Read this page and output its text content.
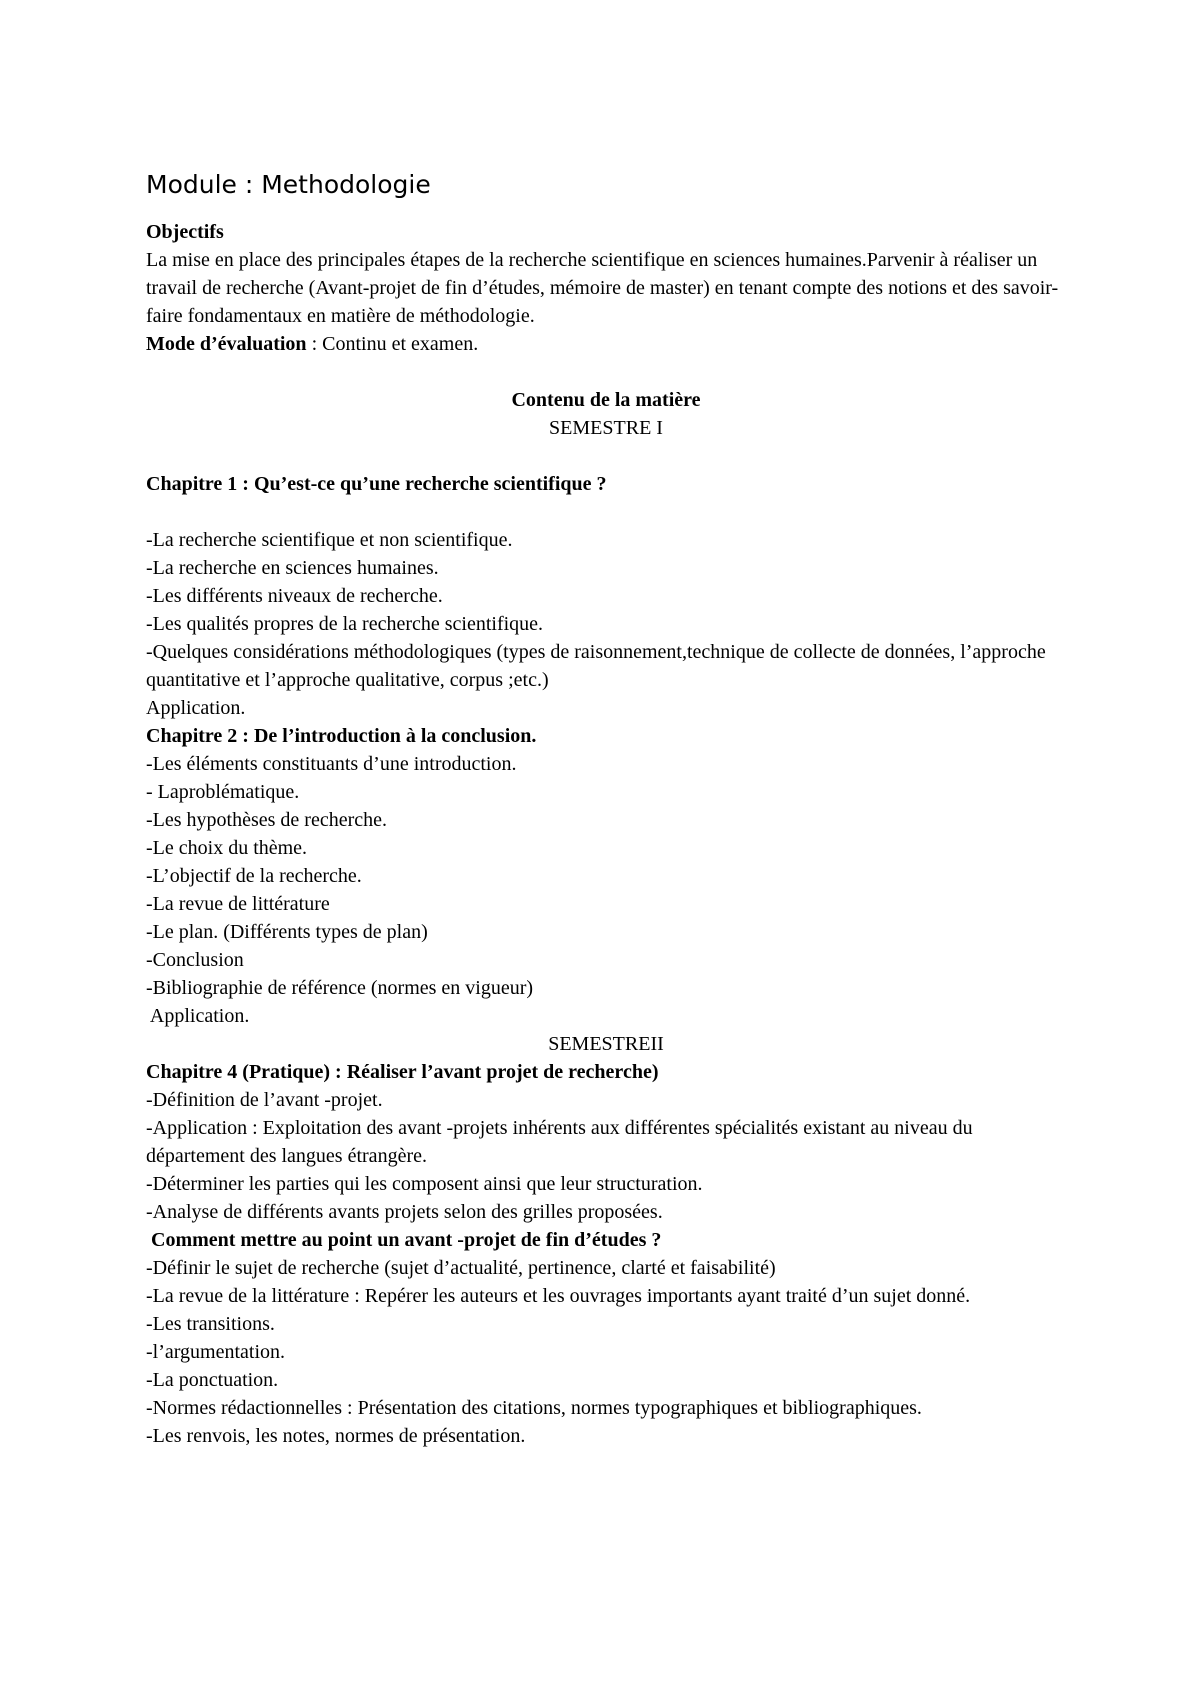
Module : Methodologie

Objectifs

La mise en place des principales étapes de la recherche scientifique en sciences humaines.Parvenir à réaliser un travail de recherche (Avant-projet de fin d’études, mémoire de master) en tenant compte des notions et des savoir-faire fondamentaux en matière de méthodologie.

Mode d’évaluation : Continu et examen.

Contenu de la matière

SEMESTRE I

Chapitre 1 : Qu’est-ce qu’une recherche scientifique ?

-La recherche scientifique et non scientifique.

-La recherche en sciences humaines.

-Les différents niveaux de recherche.

-Les qualités propres de la recherche scientifique.

-Quelques considérations méthodologiques (types de raisonnement,technique de collecte de données, l’approche quantitative et l’approche qualitative, corpus ;etc.)

Application.

Chapitre 2 : De l’introduction à la conclusion.

-Les éléments constituants d’une introduction.

- Laproblématique.

-Les hypothèses de recherche.

-Le choix du thème.

-L’objectif de la recherche.

-La revue de littérature

-Le plan. (Différents types de plan)

-Conclusion

-Bibliographie de référence (normes en vigueur)

Application.

SEMESTREII

Chapitre 4 (Pratique) : Réaliser l’avant projet de recherche)

-Définition de l’avant -projet.

-Application : Exploitation des avant -projets inhérents aux différentes spécialités existant au niveau du département des langues étrangère.

-Déterminer les parties qui les composent ainsi que leur structuration.

-Analyse de différents avants projets selon des grilles proposées.

Comment mettre au point un avant -projet de fin d’études ?

-Définir le sujet de recherche (sujet d’actualité, pertinence, clarté et faisabilité)

-La revue de la littérature : Repérer les auteurs et les ouvrages importants ayant traité d’un sujet donné.

-Les transitions.

-l’argumentation.

-La ponctuation.

-Normes rédactionnelles : Présentation des citations, normes typographiques et bibliographiques.

-Les renvois, les notes, normes de présentation.
